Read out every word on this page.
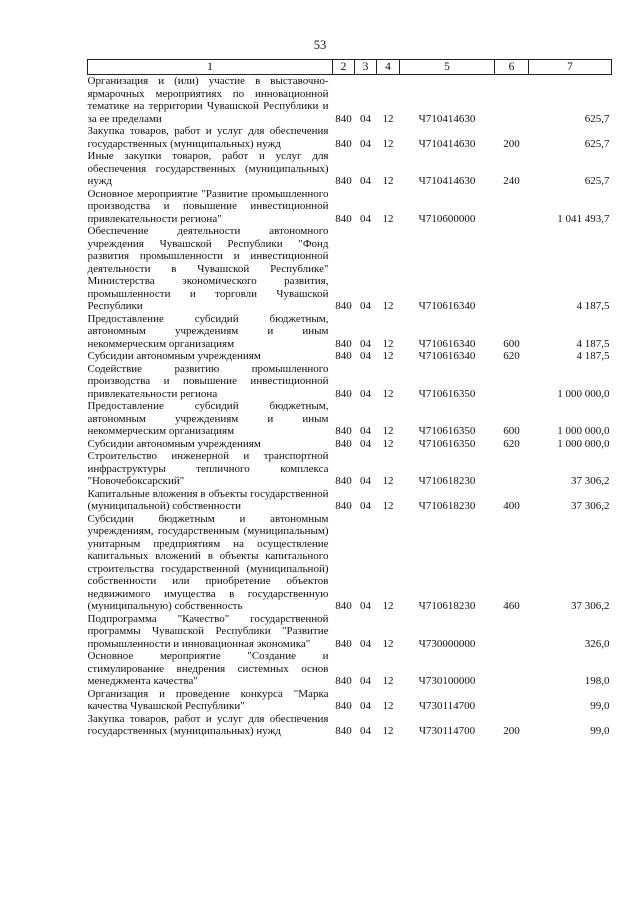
53
1	2	3	4	5	6	7
Организация и (или) участие в выставочно-ярмарочных мероприятиях по инновационной тематике на территории Чувашской Республики и за ее пределами	840	04	12	Ч710414630		625,7
Закупка товаров, работ и услуг для обеспечения государственных (муниципальных) нужд	840	04	12	Ч710414630	200	625,7
Иные закупки товаров, работ и услуг для обеспечения государственных (муниципальных) нужд	840	04	12	Ч710414630	240	625,7
Основное мероприятие "Развитие промышленного производства и повышение инвестиционной привлекательности региона"	840	04	12	Ч710600000		1 041 493,7
Обеспечение деятельности автономного учреждения Чувашской Республики "Фонд развития промышленности и инвестиционной деятельности в Чувашской Республике" Министерства экономического развития, промышленности и торговли Чувашской Республики	840	04	12	Ч710616340		4 187,5
Предоставление субсидий бюджетным, автономным учреждениям и иным некоммерческим организациям	840	04	12	Ч710616340	600	4 187,5
Субсидии автономным учреждениям	840	04	12	Ч710616340	620	4 187,5
Содействие развитию промышленного производства и повышение инвестиционной привлекательности региона	840	04	12	Ч710616350		1 000 000,0
Предоставление субсидий бюджетным, автономным учреждениям и иным некоммерческим организациям	840	04	12	Ч710616350	600	1 000 000,0
Субсидии автономным учреждениям	840	04	12	Ч710616350	620	1 000 000,0
Строительство инженерной и транспортной инфраструктуры тепличного комплекса "Новочебоксарский"	840	04	12	Ч710618230		37 306,2
Капитальные вложения в объекты государственной (муниципальной) собственности	840	04	12	Ч710618230	400	37 306,2
Субсидии бюджетным и автономным учреждениям, государственным (муниципальным) унитарным предприятиям на осуществление капитальных вложений в объекты капитального строительства государственной (муниципальной) собственности или приобретение объектов недвижимого имущества в государственную (муниципальную) собственность	840	04	12	Ч710618230	460	37 306,2
Подпрограмма "Качество" государственной программы Чувашской Республики "Развитие промышленности и инновационная экономика"	840	04	12	Ч730000000		326,0
Основное мероприятие "Создание и стимулирование внедрения системных основ менеджмента качества"	840	04	12	Ч730100000		198,0
Организация и проведение конкурса "Марка качества Чувашской Республики"	840	04	12	Ч730114700		99,0
Закупка товаров, работ и услуг для обеспечения государственных (муниципальных) нужд	840	04	12	Ч730114700	200	99,0
